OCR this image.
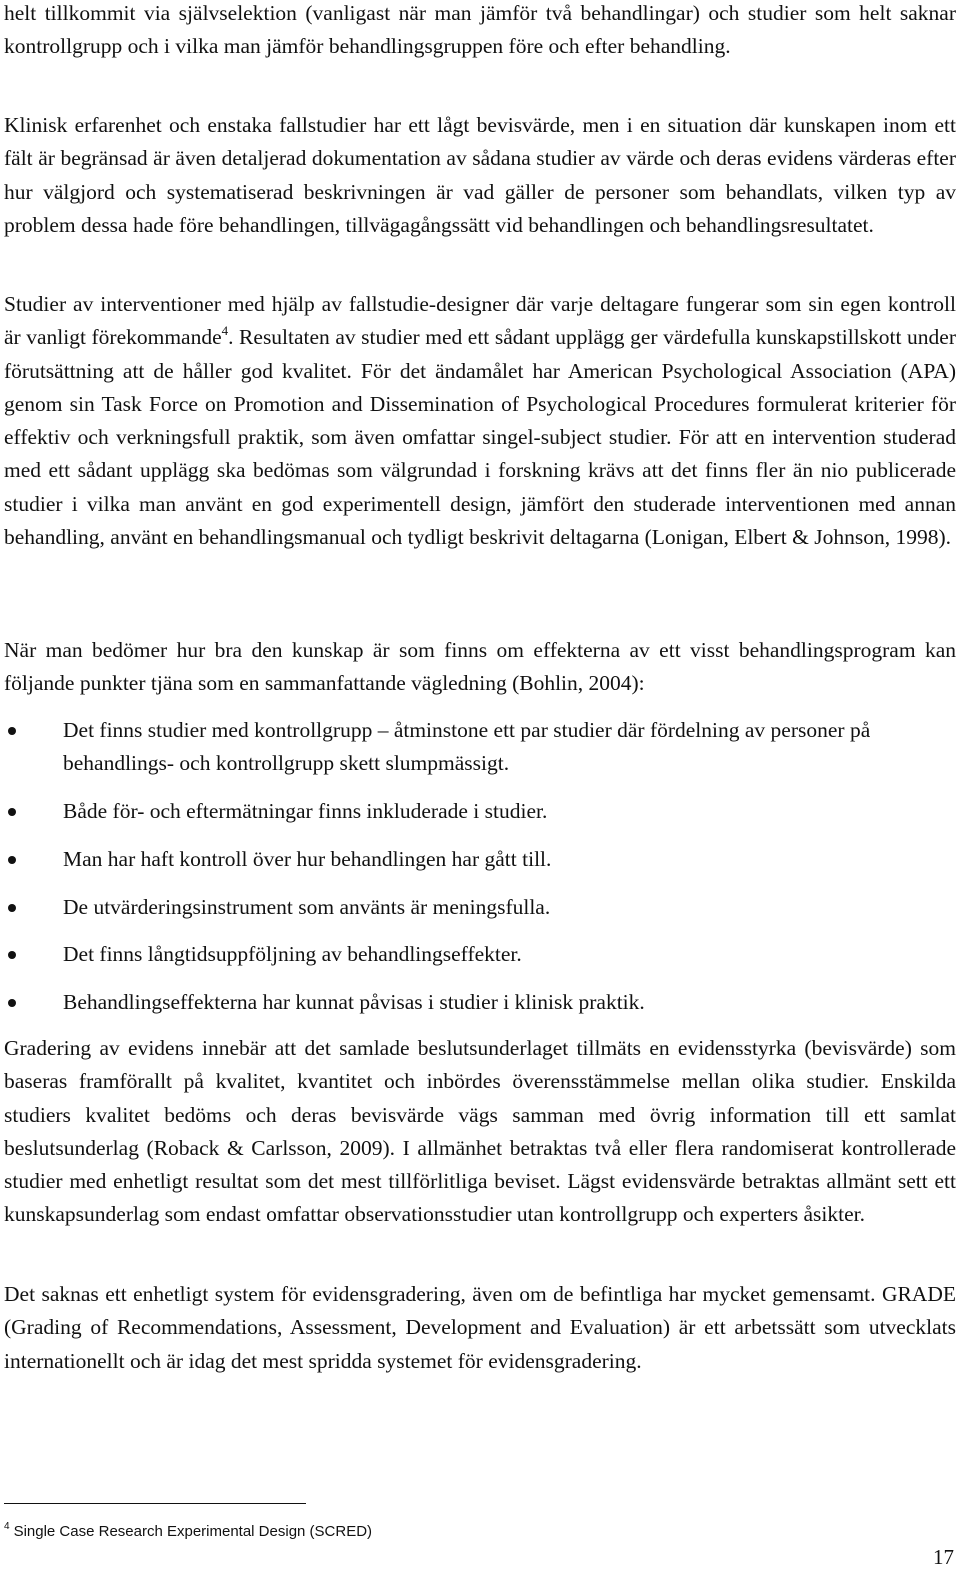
helt tillkommit via självselektion (vanligast när man jämför två behandlingar) och studier som helt saknar kontrollgrupp och i vilka man jämför behandlingsgruppen före och efter behandling.

Klinisk erfarenhet och enstaka fallstudier har ett lågt bevisvärde, men i en situation där kunskapen inom ett fält är begränsad är även detaljerad dokumentation av sådana studier av värde och deras evidens värderas efter hur välgjord och systematiserad beskrivningen är vad gäller de personer som behandlats, vilken typ av problem dessa hade före behandlingen, tillvägagångssätt vid behandlingen och behandlingsresultatet.

Studier av interventioner med hjälp av fallstudie-designer där varje deltagare fungerar som sin egen kontroll är vanligt förekommande$^4$. Resultaten av studier med ett sådant upplägg ger värdefulla kunskapstillskott under förutsättning att de håller god kvalitet. För det ändamålet har American Psychological Association (APA) genom sin Task Force on Promotion and Dissemination of Psychological Procedures formulerat kriterier för effektiv och verkningsfull praktik, som även omfattar singel-subject studier. För att en intervention studerad med ett sådant upplägg ska bedömas som välgrundad i forskning krävs att det finns fler än nio publicerade studier i vilka man använt en god experimentell design, jämfört den studerade interventionen med annan behandling, använt en behandlingsmanual och tydligt beskrivit deltagarna (Lonigan, Elbert & Johnson, 1998).

När man bedömer hur bra den kunskap är som finns om effekterna av ett visst behandlingsprogram kan följande punkter tjäna som en sammanfattande vägledning (Bohlin, 2004):

Det finns studier med kontrollgrupp – åtminstone ett par studier där fördelning av personer på behandlings- och kontrollgrupp skett slumpmässigt.
Både för- och eftermätningar finns inkluderade i studier.
Man har haft kontroll över hur behandlingen har gått till.
De utvärderingsinstrument som använts är meningsfulla.
Det finns långtidsuppföljning av behandlingseffekter.
Behandlingseffekterna har kunnat påvisas i studier i klinisk praktik.

Gradering av evidens innebär att det samlade beslutsunderlaget tillmäts en evidensstyrka (bevisvärde) som baseras framförallt på kvalitet, kvantitet och inbördes överensstämmelse mellan olika studier. Enskilda studiers kvalitet bedöms och deras bevisvärde vägs samman med övrig information till ett samlat beslutsunderlag (Roback & Carlsson, 2009). I allmänhet betraktas två eller flera randomiserat kontrollerade studier med enhetligt resultat som det mest tillförlitliga beviset. Lägst evidensvärde betraktas allmänt sett ett kunskapsunderlag som endast omfattar observationsstudier utan kontrollgrupp och experters åsikter.

Det saknas ett enhetligt system för evidensgradering, även om de befintliga har mycket gemensamt. GRADE (Grading of Recommendations, Assessment, Development and Evaluation) är ett arbetssätt som utvecklats internationellt och är idag det mest spridda systemet för evidensgradering.

$^4$ Single Case Research Experimental Design (SCRED)
17
